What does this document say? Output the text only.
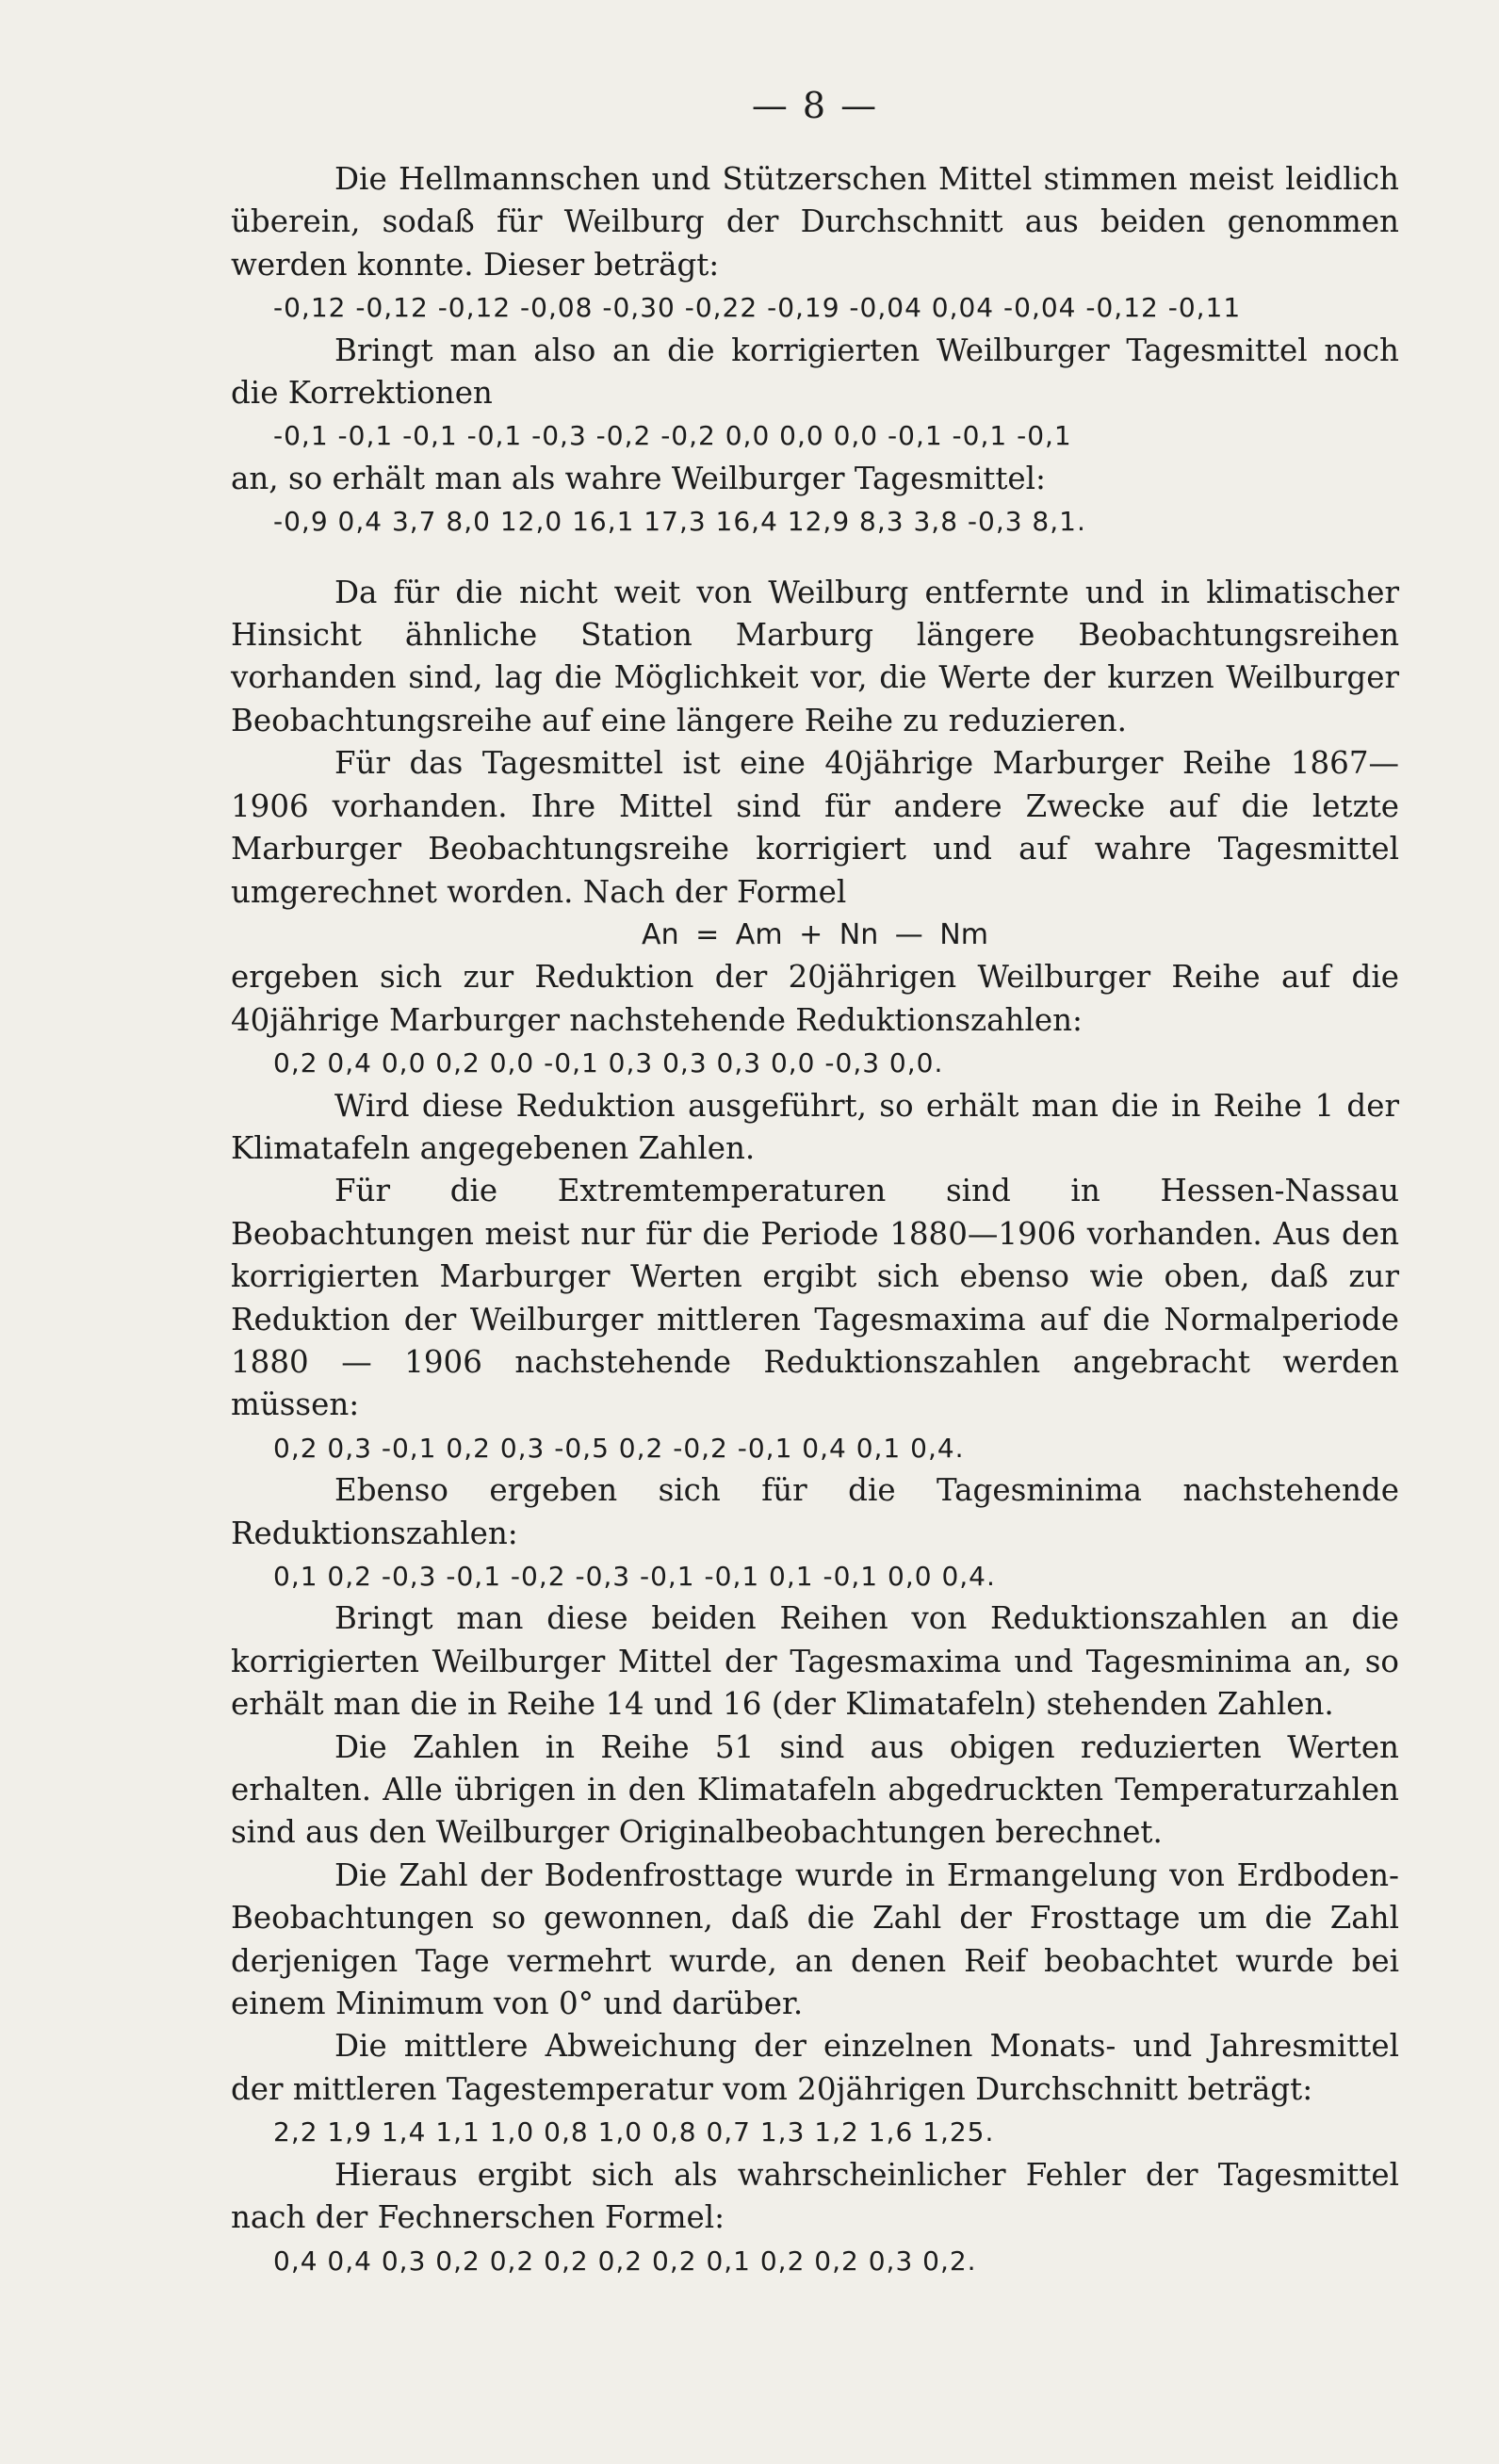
— 8 —

Die Hellmannschen und Stützerschen Mittel stimmen meist leidlich überein, sodaß für Weilburg der Durchschnitt aus beiden genommen werden konnte. Dieser beträgt:

-0,12 -0,12 -0,12 -0,08 -0,30 -0,22 -0,19 -0,04 0,04 -0,04 -0,12 -0,11

Bringt man also an die korrigierten Weilburger Tagesmittel noch die Korrektionen

-0,1 -0,1 -0,1 -0,1 -0,3 -0,2 -0,2 0,0 0,0 0,0 -0,1 -0,1 -0,1

an, so erhält man als wahre Weilburger Tagesmittel:

-0,9 0,4 3,7 8,0 12,0 16,1 17,3 16,4 12,9 8,3 3,8 -0,3 8,1.

Da für die nicht weit von Weilburg entfernte und in klimatischer Hinsicht ähnliche Station Marburg längere Beobachtungsreihen vorhanden sind, lag die Möglichkeit vor, die Werte der kurzen Weilburger Beobachtungsreihe auf eine längere Reihe zu reduzieren.

Für das Tagesmittel ist eine 40jährige Marburger Reihe 1867—1906 vorhanden. Ihre Mittel sind für andere Zwecke auf die letzte Marburger Beobachtungsreihe korrigiert und auf wahre Tagesmittel umgerechnet worden. Nach der Formel

An = Am + Nn — Nm

ergeben sich zur Reduktion der 20jährigen Weilburger Reihe auf die 40jährige Marburger nachstehende Reduktionszahlen:

0,2 0,4 0,0 0,2 0,0 -0,1 0,3 0,3 0,3 0,0 -0,3 0,0.

Wird diese Reduktion ausgeführt, so erhält man die in Reihe 1 der Klimatafeln angegebenen Zahlen.

Für die Extremtemperaturen sind in Hessen-Nassau Beobachtungen meist nur für die Periode 1880—1906 vorhanden. Aus den korrigierten Marburger Werten ergibt sich ebenso wie oben, daß zur Reduktion der Weilburger mittleren Tagesmaxima auf die Normalperiode 1880 — 1906 nachstehende Reduktionszahlen angebracht werden müssen:

0,2 0,3 -0,1 0,2 0,3 -0,5 0,2 -0,2 -0,1 0,4 0,1 0,4.

Ebenso ergeben sich für die Tagesminima nachstehende Reduktionszahlen:

0,1 0,2 -0,3 -0,1 -0,2 -0,3 -0,1 -0,1 0,1 -0,1 0,0 0,4.

Bringt man diese beiden Reihen von Reduktionszahlen an die korrigierten Weilburger Mittel der Tagesmaxima und Tagesminima an, so erhält man die in Reihe 14 und 16 (der Klimatafeln) stehenden Zahlen.

Die Zahlen in Reihe 51 sind aus obigen reduzierten Werten erhalten. Alle übrigen in den Klimatafeln abgedruckten Temperaturzahlen sind aus den Weilburger Originalbeobachtungen berechnet.

Die Zahl der Bodenfrosttage wurde in Ermangelung von Erdboden-Beobachtungen so gewonnen, daß die Zahl der Frosttage um die Zahl derjenigen Tage vermehrt wurde, an denen Reif beobachtet wurde bei einem Minimum von 0° und darüber.

Die mittlere Abweichung der einzelnen Monats- und Jahresmittel der mittleren Tagestemperatur vom 20jährigen Durchschnitt beträgt:

2,2 1,9 1,4 1,1 1,0 0,8 1,0 0,8 0,7 1,3 1,2 1,6 1,25.

Hieraus ergibt sich als wahrscheinlicher Fehler der Tagesmittel nach der Fechnerschen Formel:

0,4 0,4 0,3 0,2 0,2 0,2 0,2 0,2 0,1 0,2 0,2 0,3 0,2.
